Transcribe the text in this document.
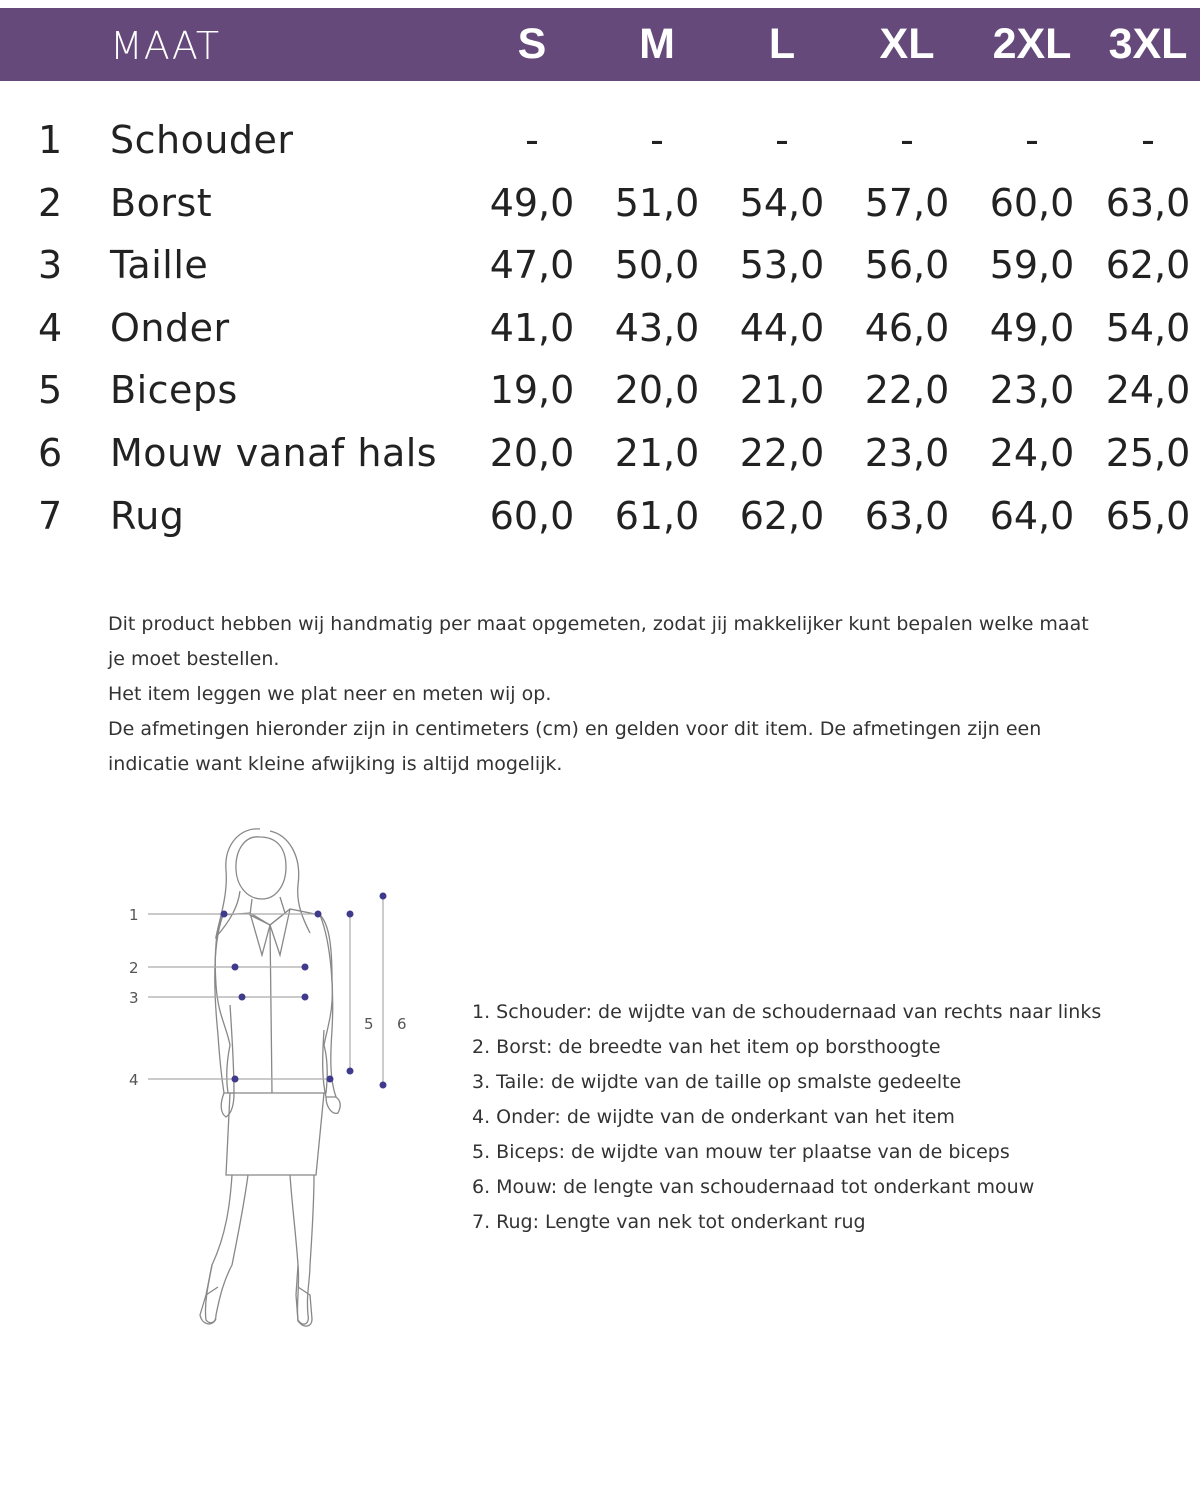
MAAT	S	M	L	XL	2XL 3XL
1 Schouder	-	-	-	-	-	-
2 Borst	49,0	51,0	54,0	57,0	60,0 63,0
3 Taille	47,0	50,0	53,0	56,0	59,0 62,0
4 Onder	41,0	43,0	44,0	46,0	49,0 54,0
5 Biceps	19,0	20,0	21,0	22,0	23,0 24,0
6 Mouw vanaf hals	20,0	21,0	22,0	23,0	24,0 25,0
7 Rug	60,0	61,0	62,0	63,0	64,0 65,0

Dit product hebben wij handmatig per maat opgemeten, zodat jij makkelijker kunt bepalen welke maat je moet bestellen.

Het item leggen we plat neer en meten wij op.

De afmetingen hieronder zijn in centimeters (cm) en gelden voor dit item. De afmetingen zijn een indicatie want kleine afwijking is altijd mogelijk.

1
2
3
4
5 6
1. Schouder: de wijdte van de schoudernaad van rechts naar links
2. Borst: de breedte van het item op borsthoogte
3. Taile: de wijdte van de taille op smalste gedeelte
4. Onder: de wijdte van de onderkant van het item
5. Biceps: de wijdte van mouw ter plaatse van de biceps
6. Mouw: de lengte van schoudernaad tot onderkant mouw
7. Rug: Lengte van nek tot onderkant rug
